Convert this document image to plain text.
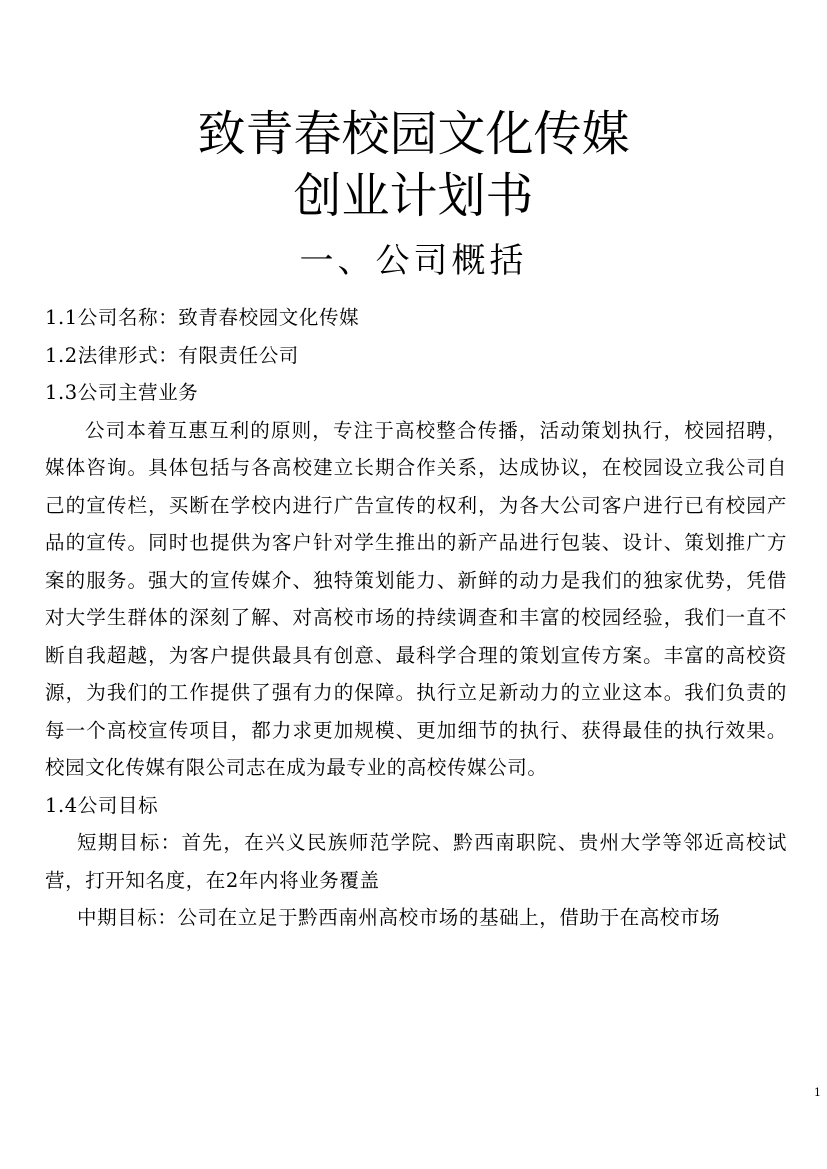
致青春校园文化传媒
创业计划书
一、公司概括

1.1公司名称：致青春校园文化传媒

1.2法律形式：有限责任公司

1.3公司主营业务

公司本着互惠互利的原则，专注于高校整合传播，活动策划执行，校园招聘，媒体咨询。具体包括与各高校建立长期合作关系，达成协议，在校园设立我公司自己的宣传栏，买断在学校内进行广告宣传的权利，为各大公司客户进行已有校园产品的宣传。同时也提供为客户针对学生推出的新产品进行包装、设计、策划推广方案的服务。强大的宣传媒介、独特策划能力、新鲜的动力是我们的独家优势，凭借对大学生群体的深刻了解、对高校市场的持续调查和丰富的校园经验，我们一直不断自我超越，为客户提供最具有创意、最科学合理的策划宣传方案。丰富的高校资源，为我们的工作提供了强有力的保障。执行立足新动力的立业这本。我们负责的每一个高校宣传项目，都力求更加规模、更加细节的执行、获得最佳的执行效果。校园文化传媒有限公司志在成为最专业的高校传媒公司。

1.4公司目标

短期目标：首先，在兴义民族师范学院、黔西南职院、贵州大学等邻近高校试营，打开知名度，在2年内将业务覆盖

中期目标：公司在立足于黔西南州高校市场的基础上，借助于在高校市场

1
